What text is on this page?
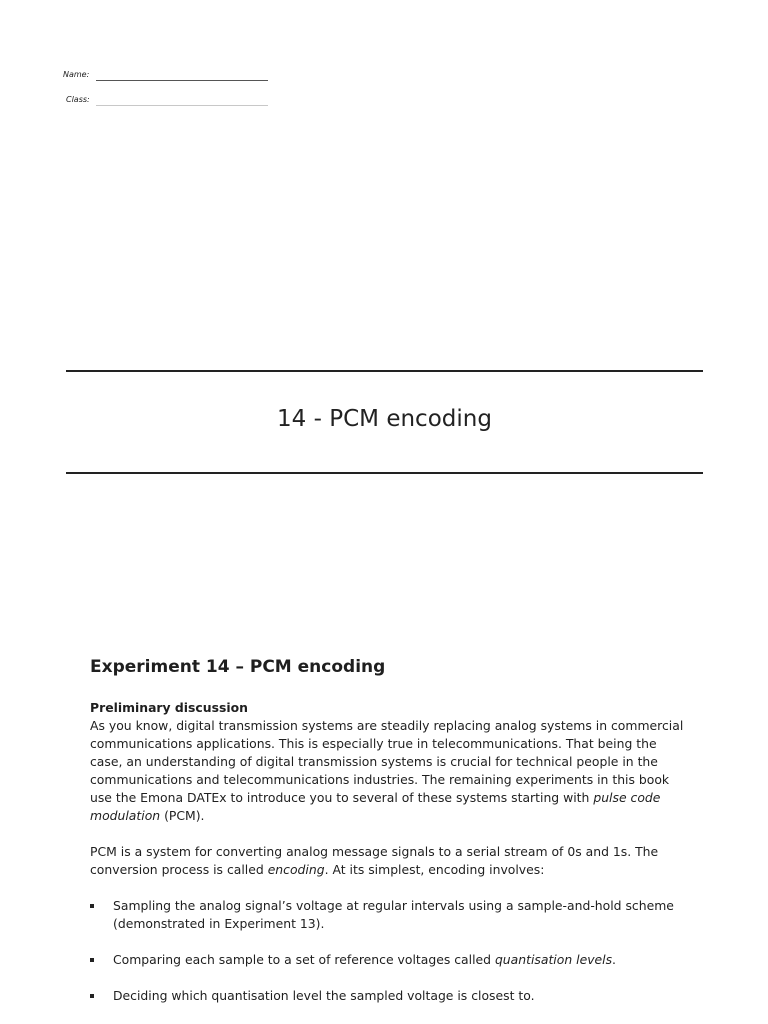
Name:
Class:
14 - PCM encoding
Experiment 14 – PCM encoding
Preliminary discussion

As you know, digital transmission systems are steadily replacing analog systems in commercial communications applications. This is especially true in telecommunications. That being the case, an understanding of digital transmission systems is crucial for technical people in the communications and telecommunications industries. The remaining experiments in this book use the Emona DATEx to introduce you to several of these systems starting with pulse code modulation (PCM).

PCM is a system for converting analog message signals to a serial stream of 0s and 1s. The conversion process is called encoding. At its simplest, encoding involves:

Sampling the analog signal’s voltage at regular intervals using a sample-and-hold scheme (demonstrated in Experiment 13).
Comparing each sample to a set of reference voltages called quantisation levels.
Deciding which quantisation level the sampled voltage is closest to.
